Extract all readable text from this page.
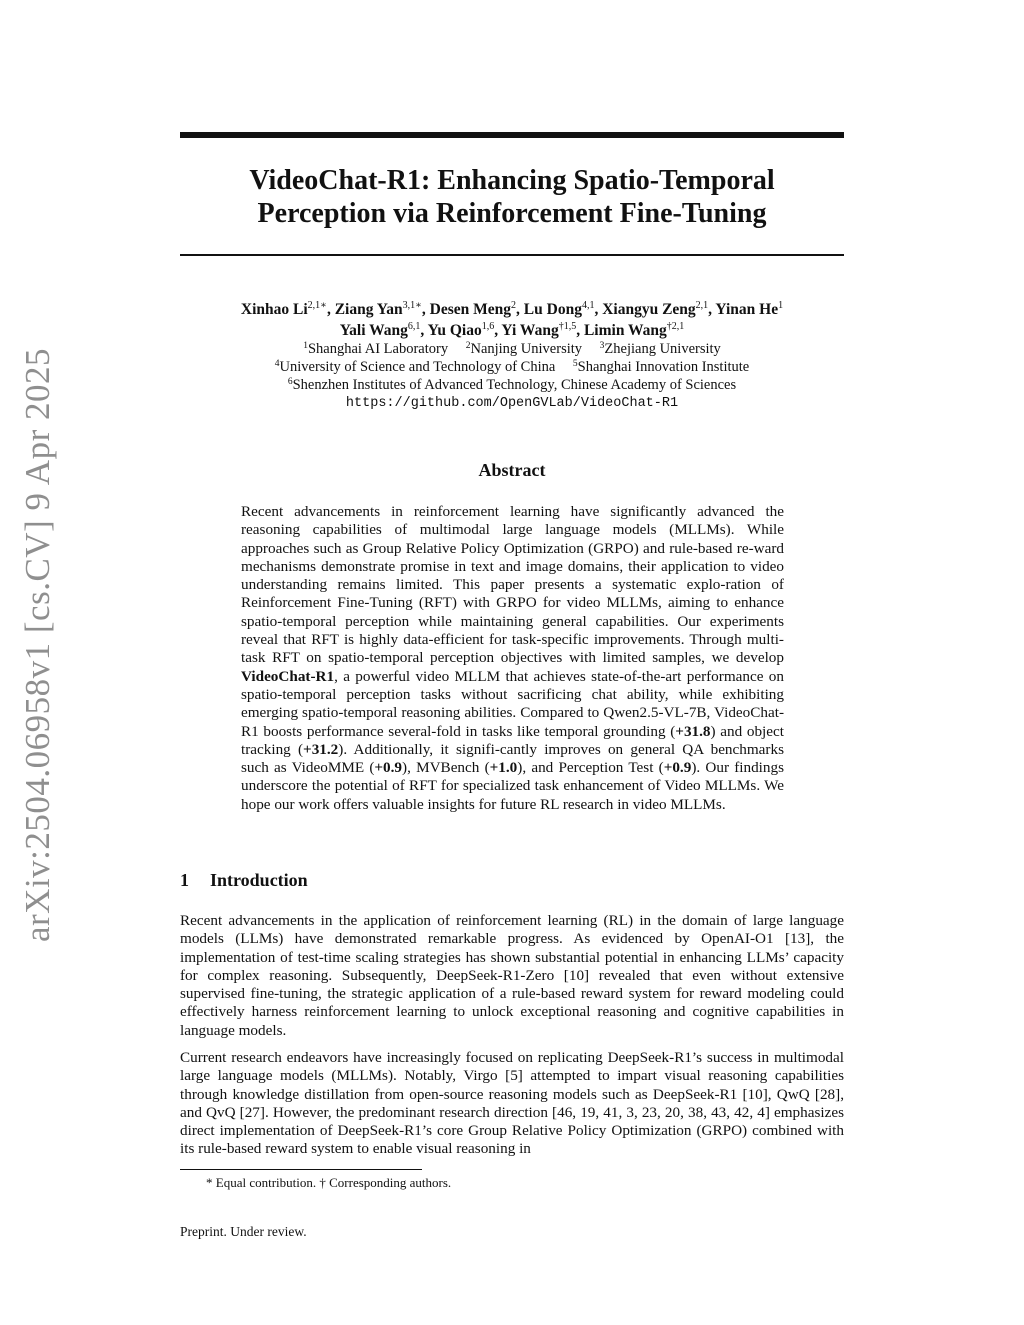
arXiv:2504.06958v1 [cs.CV] 9 Apr 2025
VideoChat-R1: Enhancing Spatio-Temporal
Perception via Reinforcement Fine-Tuning
Xinhao $Li^{2,1∗}$, Ziang Yan$^{3,1∗}$, Desen Meng$^2$, Lu Dong$^{4,1}$, Xiangyu Zeng$^{2,1}$, Yinan He$^1$
Yali Wang$^{6,1}$, Yu Qiao$^{1,6}$, Yi Wang$^{\dagger 1,5}$, Limin Wang$^{\dagger 2,1}$
$^1$Shanghai AI Laboratory $^2$Nanjing University $^3$Zhejiang University
$^4$University of Science and Technology of China $^5$Shanghai Innovation Institute
$^6$Shenzhen Institutes of Advanced Technology, Chinese Academy of Sciences
https://github.com/OpenGVLab/VideoChat-R1
Abstract
Recent advancements in reinforcement learning have significantly advanced the reasoning capabilities of multimodal large language models (MLLMs). While approaches such as Group Relative Policy Optimization (GRPO) and rule-based re-ward mechanisms demonstrate promise in text and image domains, their application to video understanding remains limited. This paper presents a systematic explo-ration of Reinforcement Fine-Tuning (RFT) with GRPO for video MLLMs, aiming to enhance spatio-temporal perception while maintaining general capabilities. Our experiments reveal that RFT is highly data-efficient for task-specific improvements. Through multi-task RFT on spatio-temporal perception objectives with limited samples, we develop VideoChat-R1, a powerful video MLLM that achieves state-of-the-art performance on spatio-temporal perception tasks without sacrificing chat ability, while exhibiting emerging spatio-temporal reasoning abilities. Compared to Qwen2.5-VL-7B, VideoChat-R1 boosts performance several-fold in tasks like temporal grounding (+31.8) and object tracking (+31.2). Additionally, it signifi-cantly improves on general QA benchmarks such as VideoMME (+0.9), MVBench (+1.0), and Perception Test (+0.9). Our findings underscore the potential of RFT for specialized task enhancement of Video MLLMs. We hope our work offers valuable insights for future RL research in video MLLMs.
1 Introduction
Recent advancements in the application of reinforcement learning (RL) in the domain of large language models (LLMs) have demonstrated remarkable progress. As evidenced by OpenAI-O1 [13], the implementation of test-time scaling strategies has shown substantial potential in enhancing LLMs’ capacity for complex reasoning. Subsequently, DeepSeek-R1-Zero [10] revealed that even without extensive supervised fine-tuning, the strategic application of a rule-based reward system for reward modeling could effectively harness reinforcement learning to unlock exceptional reasoning and cognitive capabilities in language models.
Current research endeavors have increasingly focused on replicating DeepSeek-R1’s success in multimodal large language models (MLLMs). Notably, Virgo [5] attempted to impart visual reasoning capabilities through knowledge distillation from open-source reasoning models such as DeepSeek-R1 [10], QwQ [28], and QvQ [27]. However, the predominant research direction [46, 19, 41, 3, 23, 20, 38, 43, 42, 4] emphasizes direct implementation of DeepSeek-R1’s core Group Relative Policy Optimization (GRPO) combined with its rule-based reward system to enable visual reasoning in
* Equal contribution. † Corresponding authors.
Preprint. Under review.
